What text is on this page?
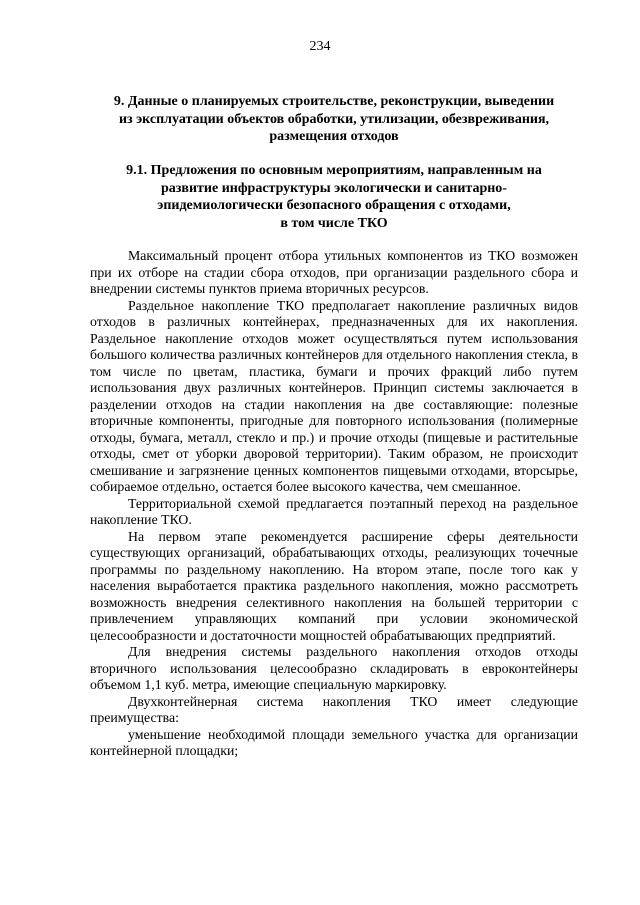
234
9. Данные о планируемых строительстве, реконструкции, выведении
из эксплуатации объектов обработки, утилизации, обезвреживания,
размещения отходов
9.1. Предложения по основным мероприятиям, направленным на
развитие инфраструктуры экологически и санитарно-
эпидемиологически безопасного обращения с отходами,
в том числе ТКО

Максимальный процент отбора утильных компонентов из ТКО возможен при их отборе на стадии сбора отходов, при организации раздельного сбора и внедрении системы пунктов приема вторичных ресурсов.

Раздельное накопление ТКО предполагает накопление различных видов отходов в различных контейнерах, предназначенных для их накопления. Раздельное накопление отходов может осуществляться путем использования большого количества различных контейнеров для отдельного накопления стекла, в том числе по цветам, пластика, бумаги и прочих фракций либо путем использования двух различных контейнеров. Принцип системы заключается в разделении отходов на стадии накопления на две составляющие: полезные вторичные компоненты, пригодные для повторного использования (полимерные отходы, бумага, металл, стекло и пр.) и прочие отходы (пищевые и растительные отходы, смет от уборки дворовой территории). Таким образом, не происходит смешивание и загрязнение ценных компонентов пищевыми отходами, вторсырье, собираемое отдельно, остается более высокого качества, чем смешанное.

Территориальной схемой предлагается поэтапный переход на раздельное накопление ТКО.

На первом этапе рекомендуется расширение сферы деятельности существующих организаций, обрабатывающих отходы, реализующих точечные программы по раздельному накоплению. На втором этапе, после того как у населения выработается практика раздельного накопления, можно рассмотреть возможность внедрения селективного накопления на большей территории с привлечением управляющих компаний при условии экономической целесообразности и достаточности мощностей обрабатывающих предприятий.

Для внедрения системы раздельного накопления отходов отходы вторичного использования целесообразно складировать в евроконтейнеры объемом 1,1 куб. метра, имеющие специальную маркировку.

Двухконтейнерная система накопления ТКО имеет следующие преимущества:

уменьшение необходимой площади земельного участка для организации контейнерной площадки;
